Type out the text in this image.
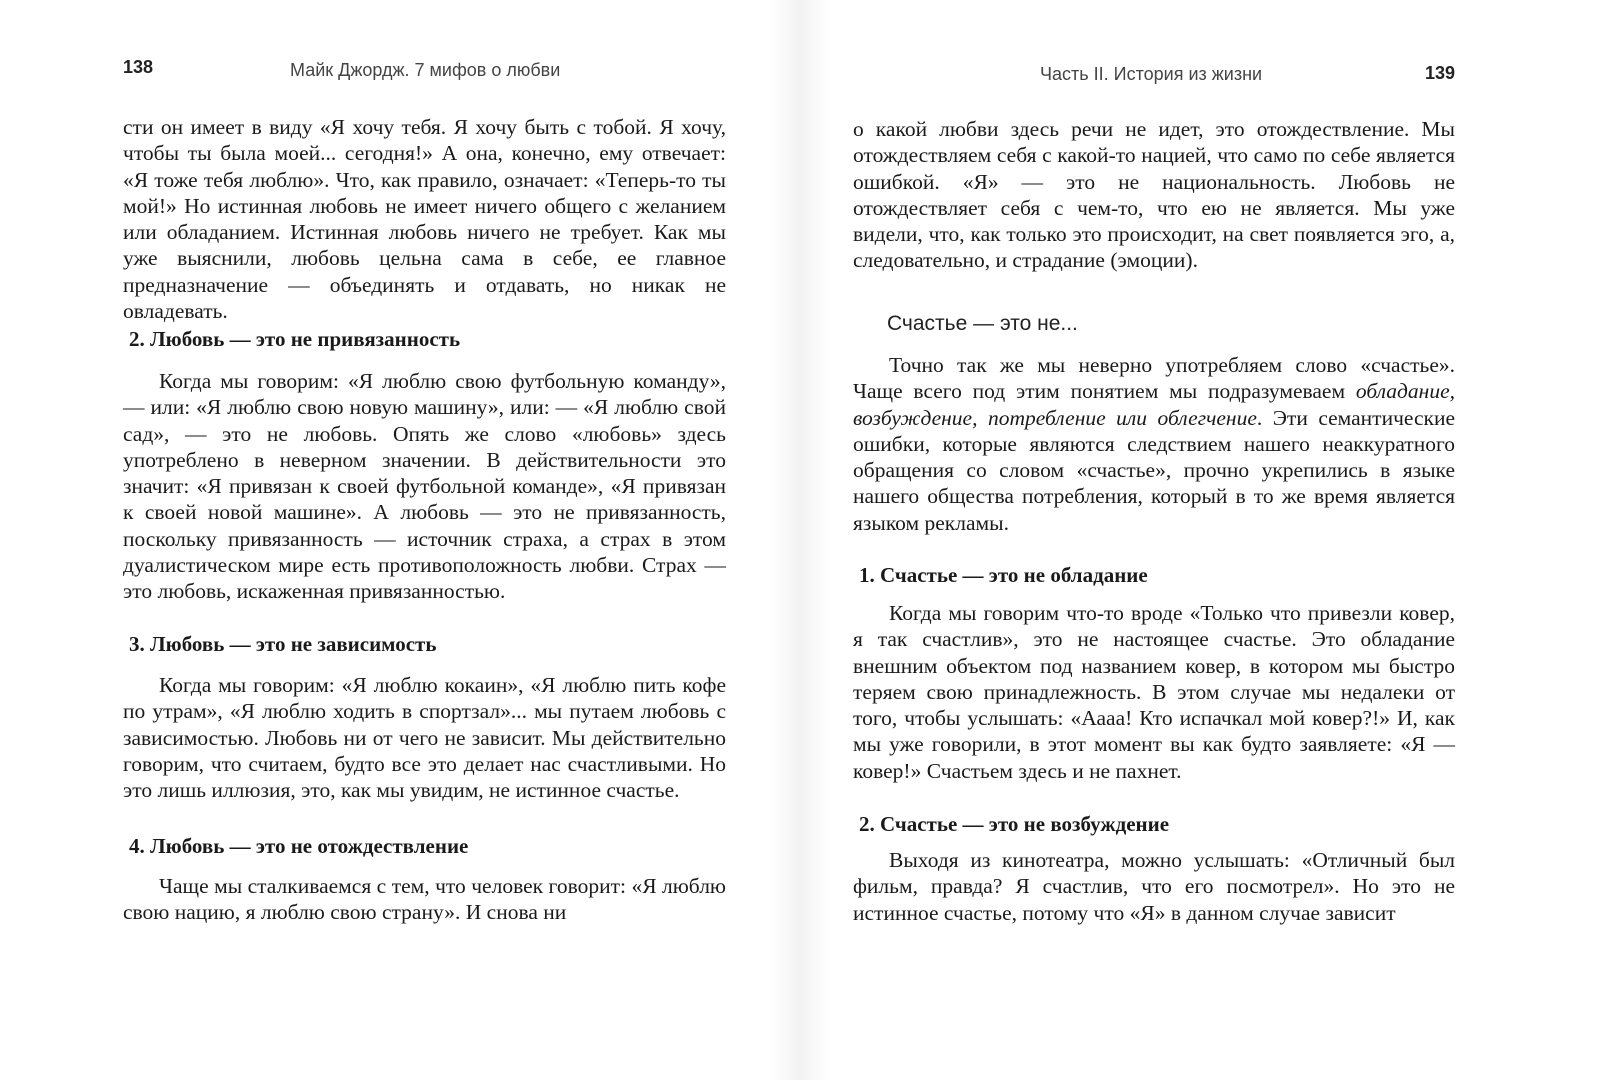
138	Майк Джордж. 7 мифов о любви

сти он имеет в виду «Я хочу тебя. Я хочу быть с тобой. Я хочу, чтобы ты была моей... сегодня!» А она, конечно, ему отвечает: «Я тоже тебя люблю». Что, как правило, означает: «Теперь-то ты мой!» Но истинная любовь не имеет ничего общего с желанием или обладанием. Истинная любовь ничего не требует. Как мы уже выяснили, любовь цельна сама в себе, ее главное предназначение — объединять и отдавать, но никак не овладевать.

2. Любовь — это не привязанность

Когда мы говорим: «Я люблю свою футбольную команду», — или: «Я люблю свою новую машину», или: — «Я люблю свой сад», — это не любовь. Опять же слово «любовь» здесь употреблено в неверном значении. В действительности это значит: «Я привязан к своей футбольной команде», «Я привязан к своей новой машине». А любовь — это не привязанность, поскольку привязанность — источник страха, а страх в этом дуалистическом мире есть противоположность любви. Страх — это любовь, искаженная привязанностью.

3. Любовь — это не зависимость

Когда мы говорим: «Я люблю кокаин», «Я люблю пить кофе по утрам», «Я люблю ходить в спортзал»... мы путаем любовь с зависимостью. Любовь ни от чего не зависит. Мы действительно говорим, что считаем, будто все это делает нас счастливыми. Но это лишь иллюзия, это, как мы увидим, не истинное счастье.

4. Любовь — это не отождествление

Чаще мы сталкиваемся с тем, что человек говорит: «Я люблю свою нацию, я люблю свою страну». И снова ни

Часть II. История из жизни	139

о какой любви здесь речи не идет, это отождествление. Мы отождествляем себя с какой-то нацией, что само по себе является ошибкой. «Я» — это не национальность. Любовь не отождествляет себя с чем-то, что ею не является. Мы уже видели, что, как только это происходит, на свет появляется эго, а, следовательно, и страдание (эмоции).

Счастье — это не...

Точно так же мы неверно употребляем слово «счастье». Чаще всего под этим понятием мы подразумеваем обладание, возбуждение, потребление или облегчение. Эти семантические ошибки, которые являются следствием нашего неаккуратного обращения со словом «счастье», прочно укрепились в языке нашего общества потребления, который в то же время является языком рекламы.

1. Счастье — это не обладание

Когда мы говорим что-то вроде «Только что привезли ковер, я так счастлив», это не настоящее счастье. Это обладание внешним объектом под названием ковер, в котором мы быстро теряем свою принадлежность. В этом случае мы недалеки от того, чтобы услышать: «Аааа! Кто испачкал мой ковер?!» И, как мы уже говорили, в этот момент вы как будто заявляете: «Я — ковер!» Счастьем здесь и не пахнет.

2. Счастье — это не возбуждение

Выходя из кинотеатра, можно услышать: «Отличный был фильм, правда? Я счастлив, что его посмотрел». Но это не истинное счастье, потому что «Я» в данном случае зависит
